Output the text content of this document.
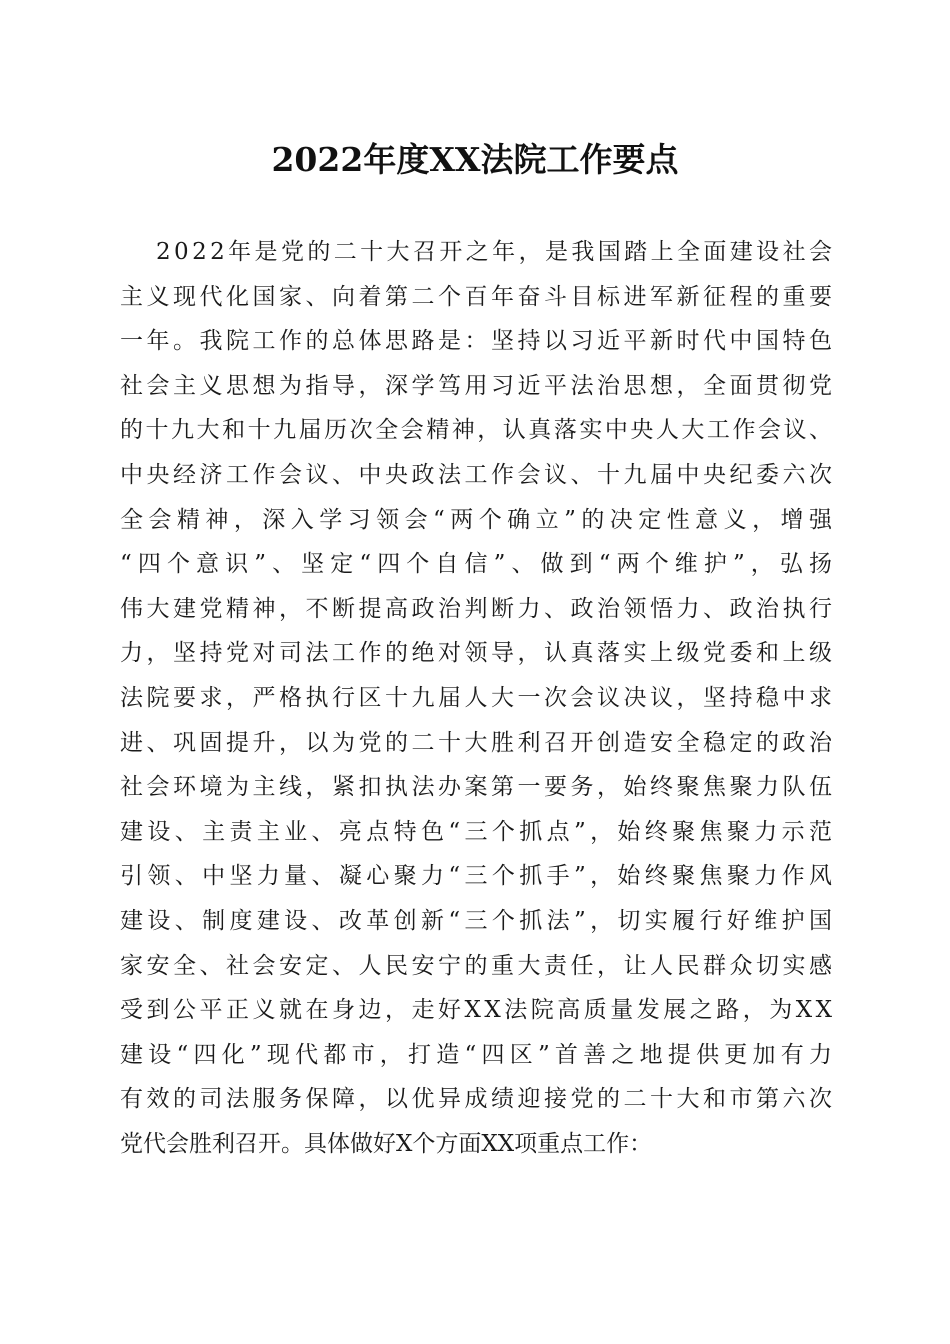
2022年度XX法院工作要点
2022年是党的二十大召开之年，是我国踏上全面建设社会
主义现代化国家、向着第二个百年奋斗目标进军新征程的重要
一年。我院工作的总体思路是：坚持以习近平新时代中国特色
社会主义思想为指导，深学笃用习近平法治思想，全面贯彻党
的十九大和十九届历次全会精神，认真落实中央人大工作会议、
中央经济工作会议、中央政法工作会议、十九届中央纪委六次
全会精神，深入学习领会“两个确立”的决定性意义，增强
“四个意识”、坚定“四个自信”、做到“两个维护”，弘扬
伟大建党精神，不断提高政治判断力、政治领悟力、政治执行
力，坚持党对司法工作的绝对领导，认真落实上级党委和上级
法院要求，严格执行区十九届人大一次会议决议，坚持稳中求
进、巩固提升，以为党的二十大胜利召开创造安全稳定的政治
社会环境为主线，紧扣执法办案第一要务，始终聚焦聚力队伍
建设、主责主业、亮点特色“三个抓点”，始终聚焦聚力示范
引领、中坚力量、凝心聚力“三个抓手”，始终聚焦聚力作风
建设、制度建设、改革创新“三个抓法”，切实履行好维护国
家安全、社会安定、人民安宁的重大责任，让人民群众切实感
受到公平正义就在身边，走好XX法院高质量发展之路，为XX
建设“四化”现代都市，打造“四区”首善之地提供更加有力
有效的司法服务保障，以优异成绩迎接党的二十大和市第六次
党代会胜利召开。具体做好X个方面XX项重点工作：
